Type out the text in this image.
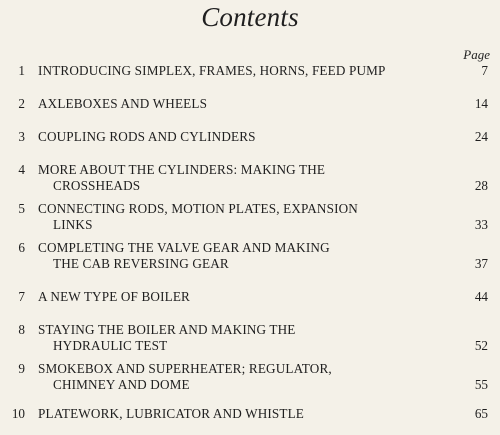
Contents
Page
1 INTRODUCING SIMPLEX, FRAMES, HORNS, FEED PUMP	7
2 AXLEBOXES AND WHEELS	14
3 COUPLING RODS AND CYLINDERS	24
4 MORE ABOUT THE CYLINDERS: MAKING THE
CROSSHEADS	28
5 CONNECTING RODS, MOTION PLATES, EXPANSION
LINKS	33
6 COMPLETING THE VALVE GEAR AND MAKING
THE CAB REVERSING GEAR	37
7 A NEW TYPE OF BOILER	44
8 STAYING THE BOILER AND MAKING THE
HYDRAULIC TEST	52
9 SMOKEBOX AND SUPERHEATER; REGULATOR,
CHIMNEY AND DOME	55
10 PLATEWORK, LUBRICATOR AND WHISTLE	65
